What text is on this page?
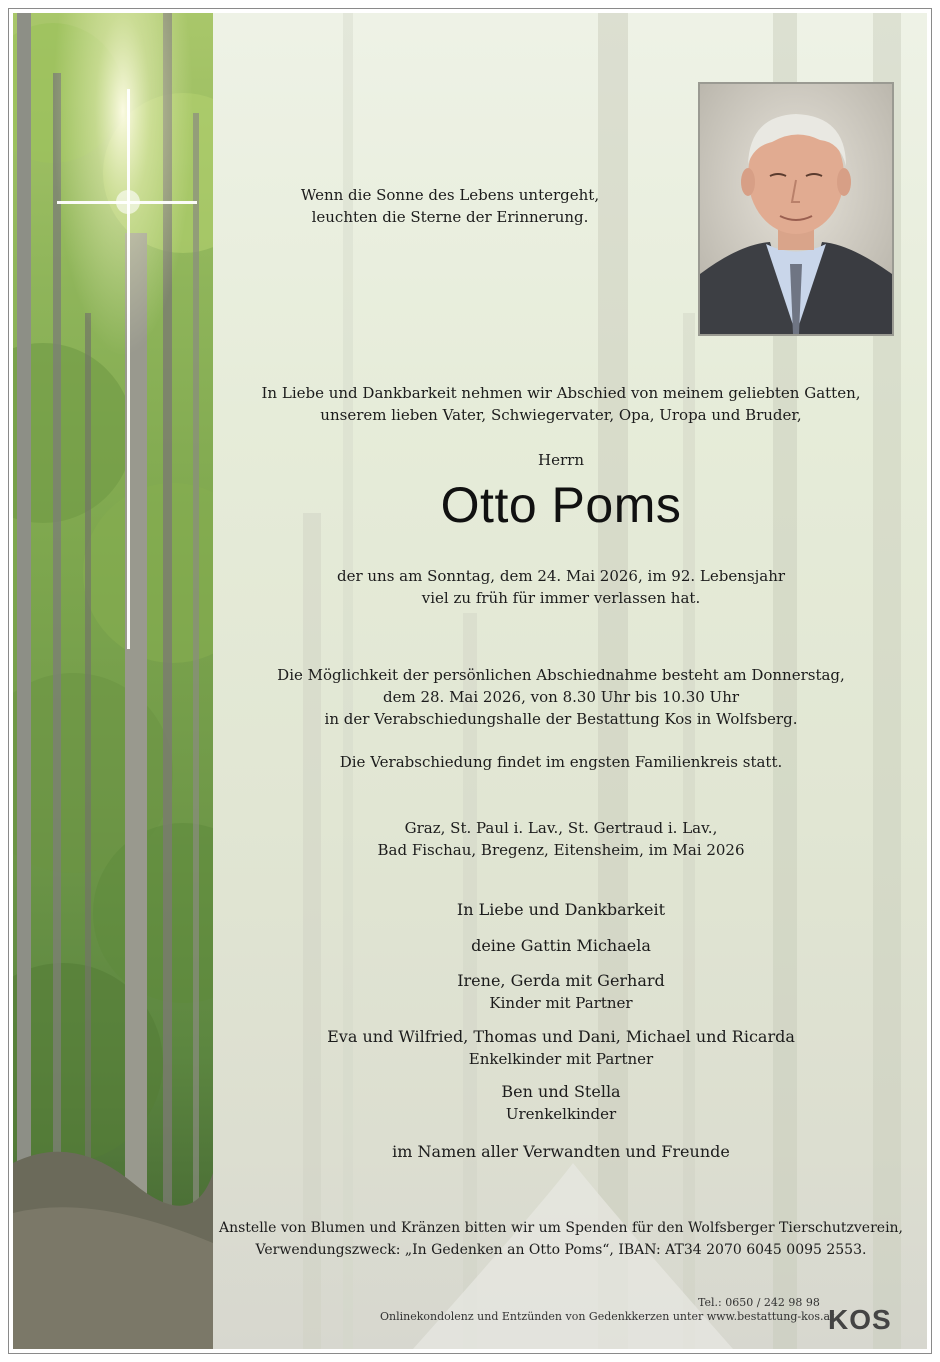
Wenn die Sonne des Lebens untergeht,
leuchten die Sterne der Erinnerung.
In Liebe und Dankbarkeit nehmen wir Abschied von meinem geliebten Gatten,
unserem lieben Vater, Schwiegervater, Opa, Uropa und Bruder,
Herrn
Otto Poms
der uns am Sonntag, dem 24. Mai 2026, im 92. Lebensjahr
viel zu früh für immer verlassen hat.
Die Möglichkeit der persönlichen Abschiednahme besteht am Donnerstag,
dem 28. Mai 2026, von 8.30 Uhr bis 10.30 Uhr
in der Verabschiedungshalle der Bestattung Kos in Wolfsberg.
Die Verabschiedung findet im engsten Familienkreis statt.
Graz, St. Paul i. Lav., St. Gertraud i. Lav.,
Bad Fischau, Bregenz, Eitensheim, im Mai 2026
In Liebe und Dankbarkeit
deine Gattin Michaela
Irene, Gerda mit Gerhard
Kinder mit Partner
Eva und Wilfried, Thomas und Dani, Michael und Ricarda
Enkelkinder mit Partner
Ben und Stella
Urenkelkinder
im Namen aller Verwandten und Freunde
Anstelle von Blumen und Kränzen bitten wir um Spenden für den Wolfsberger Tierschutzverein,
Verwendungszweck: „In Gedenken an Otto Poms“, IBAN: AT34 2070 6045 0095 2553.
Tel.: 0650 / 242 98 98
Onlinekondolenz und Entzünden von Gedenkkerzen unter www.bestattung-kos.at
KOS
